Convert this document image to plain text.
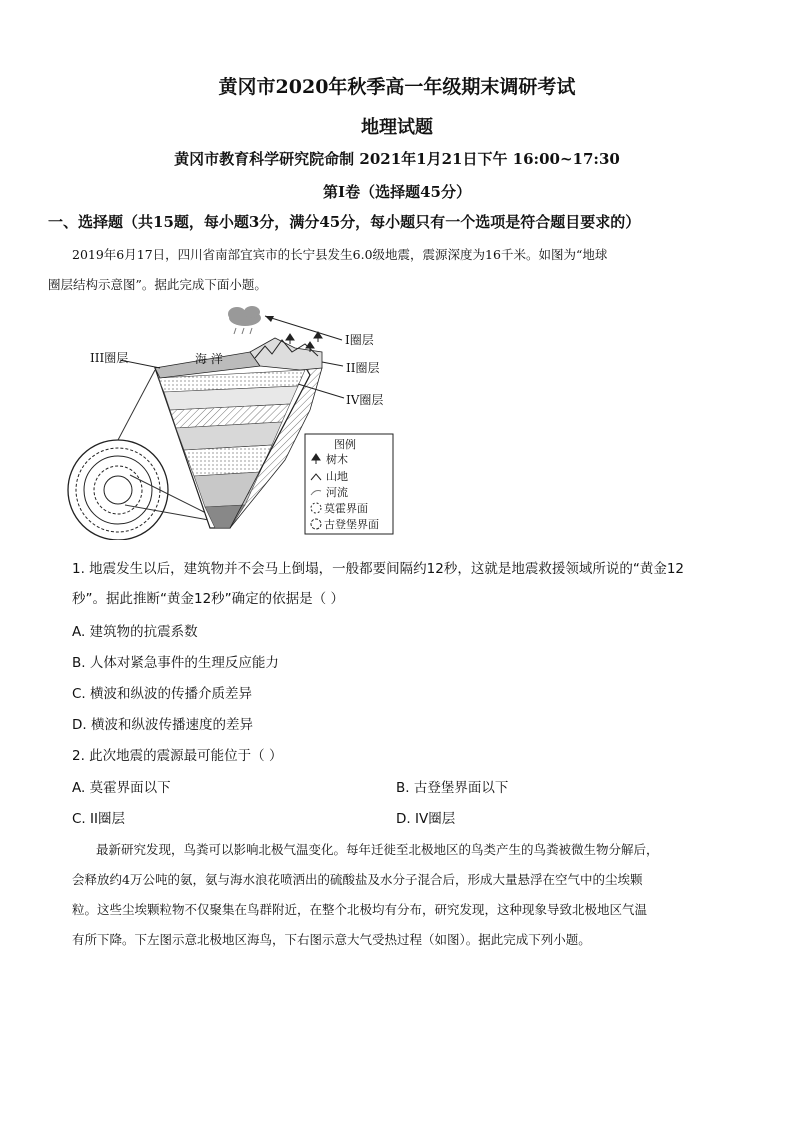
黄冈市2020年秋季高一年级期末调研考试
地理试题
黄冈市教育科学研究院命制 2021年1月21日下午 16:00~17:30
第I卷（选择题45分）
一、选择题（共15题，每小题3分，满分45分，每小题只有一个选项是符合题目要求的）
2019年6月17日，四川省南部宜宾市的长宁县发生6.0级地震，震源深度为16千米。如图为“地球
圈层结构示意图”。据此完成下面小题。
I圈层
II圈层
III圈层
IV圈层
海 洋
图例
树木
山地
河流
莫霍界面
古登堡界面
1. 地震发生以后，建筑物并不会马上倒塌，一般都要间隔约12秒，这就是地震救援领域所说的“黄金12
秒”。据此推断“黄金12秒”确定的依据是（ ）
A. 建筑物的抗震系数
B. 人体对紧急事件的生理反应能力
C. 横波和纵波的传播介质差异
D. 横波和纵波传播速度的差异
2. 此次地震的震源最可能位于（ ）
A. 莫霍界面以下	B. 古登堡界面以下
C. II圈层	D. IV圈层
最新研究发现，鸟粪可以影响北极气温变化。每年迁徙至北极地区的鸟类产生的鸟粪被微生物分解后，
会释放约4万公吨的氨，氨与海水浪花喷洒出的硫酸盐及水分子混合后，形成大量悬浮在空气中的尘埃颗
粒。这些尘埃颗粒物不仅聚集在鸟群附近，在整个北极均有分布，研究发现，这种现象导致北极地区气温
有所下降。下左图示意北极地区海鸟，下右图示意大气受热过程（如图）。据此完成下列小题。
